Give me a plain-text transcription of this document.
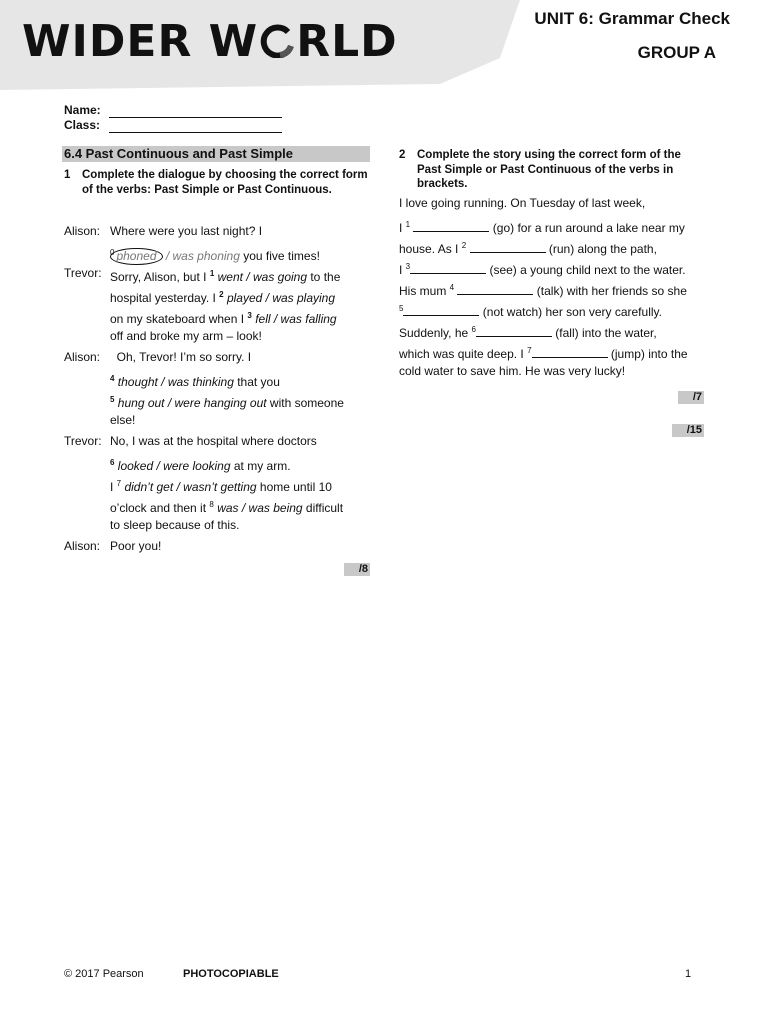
WIDER W RLD	UNIT 6: Grammar Check
GROUP A
Name:
Class:
6.4 Past Continuous and Past Simple
1 Complete the dialogue by choosing the correct form of the verbs: Past Simple or Past Continuous.
Alison: Where were you last night? I
$^0$ phoned / was phoning you five times!
Trevor: Sorry, Alison, but I $^1$ went / was going to the
hospital yesterday. I $^2$ played / was playing
on my skateboard when I $^3$ fell / was falling
off and broke my arm – look!
Alison: Oh, Trevor! I’m so sorry. I
$^4$ thought / was thinking that you
$^5$ hung out / were hanging out with someone
else!
Trevor: No, I was at the hospital where doctors
$^6$ looked / were looking at my arm.
I $^7$ didn’t get / wasn’t getting home until 10
o’clock and then it $^8$ was / was being difficult
to sleep because of this.
Alison: Poor you!
/8
2 Complete the story using the correct form of the Past Simple or Past Continuous of the verbs in brackets.
I love going running. On Tuesday of last week,
I $^1$	(go) for a run around a lake near my
house. As I $^2$	(run) along the path,
I $^3$	(see) a young child next to the water.
His mum $^4$	(talk) with her friends so she
$^5$	(not watch) her son very carefully.
Suddenly, he $^6$	(fall) into the water,
which was quite deep. I $^7$	(jump) into the
cold water to save him. He was very lucky!
/7
/15
© 2017 Pearson	PHOTOCOPIABLE	1
